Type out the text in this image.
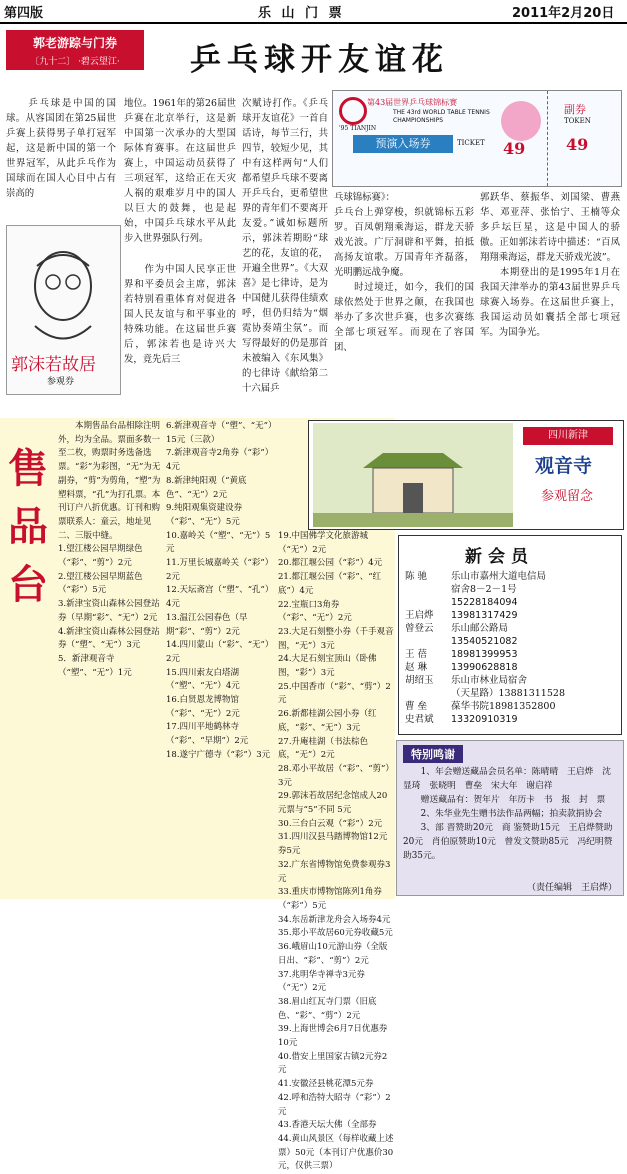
第四版	乐 山 门 票	2011年2月20日
郭老游踪与门券
〔九十二〕 ·碧云望江·	乒乓球开友谊花
　　乒乓球是中国的国球。从容国团在第25届世乒赛上获得男子单打冠军起，这是新中国的第一个世界冠军，从此乒乓作为国球而在国人心目中占有崇高的
地位。1961年的第26届世乒赛在北京举行，这是新中国第一次承办的大型国际体育赛事。在这届世乒赛上，中国运动员获得了三项冠军，这给正在天灾人祸的艰难岁月中的国人以巨大的鼓舞，也是起始，中国乒乓球水平从此步入世界强队行列。
　　作为中国人民享正世界和平委员会主席，郭沫若特别看重体育对促进各国人民友谊与和平事业的特殊功能。在这届世乒赛后，郭沫若也是诗兴大发，竟先后三
次赋诗打作。《乒乓球开友谊花》一首自话诗，每节三行，共四节，较短少见，其中有这样两句“人们都希望乒乓球不要离开乒乓台，更希望世界的青年们不要离开友爱。”诚如标题所示，郭沫若期盼“球艺的花，友谊的花，开遍全世界”。《大双喜》是七律诗，是为中国健儿获得佳绩欢呼，但仍归结为“烟霓协奏靖尘氛”。而写得最好的仍是那首未被编入《东风集》的七律诗《献给第二十六届乒
乓球锦标赛》：
乒乓台上弹穿梭，织就锦标五彩罗。百凤朝翔乘海运，群龙天骄戏光波。广厅洞辟和平舞，拍抵高扬友谊歌。万国青年齐磊落，光明鹏远战争魔。
　　时过境迁，如今，我们的国球依然处于世界之颠，在我国也举办了多次世乒赛，也多次赛练全部七项冠军。而现在了容国团、
郭跃华、蔡振华、刘国梁、曹燕华、邓亚萍、张怡宁、王楠等众多乒坛巨星，这是中国人的骄傲。正如郭沫若诗中描述：“百凤翔翔乘海运，群龙天骄戏光波”。
　　本期登出的是1995年1月在我国天津举办的第43届世界乒乓球赛入场券。在这届世乒赛上，我国运动员如囊括全部七项冠军。为国争光。
郭沫若故居
参观券
第43届世界乒乓球锦标赛
THE 43rd WORLD TABLE TENNIS CHAMPIONSHIPS
'95 TIANJIN
预演入场券	TICKET
副券
TOKEN
49
49
售品台
　　本期售品台品相除注明外，均为全品。票面多数一至二枚，购票时务选备选票。“彩”为彩图，“无”为无副券，“剪”为剪角，“塑”为塑料票，“孔”为打孔票。本刊订户八折优惠。订刊和购票联系人：童云，地址见二、三版中缝。
1.望江楼公园早期绿色（“彩”、“剪”）2元
2.望江楼公园早期蓝色（“彩”）5元
3.新津宝资山森林公园登站券（早期“彩”、“无”）2元
4.新津宝资山森林公园登站券（“塑”、“无”）3元
5．新津观音寺（“塑”、“无”）1元
6.新津观音寺（“塑”、“无”）15元（三款）
7.新津观音寺2角券（“彩”）4元
8.新津纯阳观（“黄底色”、“无”）2元
9.纯阳观集资建设券（“彩”、“无”）5元
10.嘉岭关（“塑”、“无”）5元
11.万里长城嘉岭关（“彩”）2元
12.天坛斋宫（“塑”、“孔”）4元
13.温江公园春色（早期“彩”、“剪”）2元
14.四川蒙山（“彩”、“无”）2元
15.四川索友白塔湖（“塑”、“无”）4元
16.白贤恩龙博物馆（“彩”、“无”）2元
17.四川平地鹤林寺（“彩”、“早期”）2元
18.遂宁广德寺（“彩”）3元
19.中国佛学文化旅游城（“无”）2元
20.都江堰公园（“彩”）4元
21.都江堰公园（“彩”、“红底”）4元
22.宝瓶口3角券（“彩”、“无”）2元
23.大足石刻整小券（千手观音图，“无”）3元
24.大足石刻宝顶山（卧佛图，“彩”）3元
25.中国香市（“彩”、“剪”）2元
26.新都桂湖公园小券（红底，“彩”、“无”）3元
27.升庵桂湖（书法棕色底，“无”）2元
28.邓小平故居（“彩”、“剪”）3元
29.郭沫若故居纪念馆成人20元票与“5”不同 5元
30.三台白云观（“彩”）2元
31.四川汉县马踏博物馆12元券5元
32.广东省博物馆免费参观券3元
33.重庆市博物馆陈列1角券（“彩”）5元
34.东岳新津龙舟会入场券4元
35.郑小平故居60元券收藏5元
36.峨眉山10元游山券（全版日出、“彩”、“剪”）2元
37.兆明华寺禅寺3元券（“无”）2元
38.眉山红瓦寺门票（旧底色、“彩”、“剪”）2元
39.上海世博会6月7日优惠券10元
40.借安上里国家古镇2元券2元
41.安徽泾县桃花潭5元券
42.呼和浩特大昭寺（“彩”）2元
43.香港天坛大佛（全部券
44.黄山风景区（每样收藏上述票）50元（本刊订户优惠价30元，仅供三票）
四川新津
观音寺
参观留念
新会员
陈 驰	乐山市嘉州大道电信局
宿舍8－2－1号
15228184094
王启烨 13981317429
曾登云 乐山邮公路局
13540521082
王 蓓	18981399953
赵 琳	13990628818
胡绍玉 乐山市林业局宿舍
（天星路）13881311528
曹 垒	葆华书院18981352800
史君斌 13320910319
特别鸣谢
　　1、年会赠送藏品会员名单：陈晴晴　王启烨　沈显琦　张晓明　曹垒　宋大年　谢启祥
　　赠送藏品有：贺年片　年历卡　书　报　封　票
　　2、朱华业先生赠书法作品两幅；拍卖款捐协会
　　3、部 晋赞助20元　商 鉴赞助15元　王启烨赞助20元　肖伯原赞助10元　曾发文赞助85元　冯纪明赞助35元。
（责任编辑　王启烨）
